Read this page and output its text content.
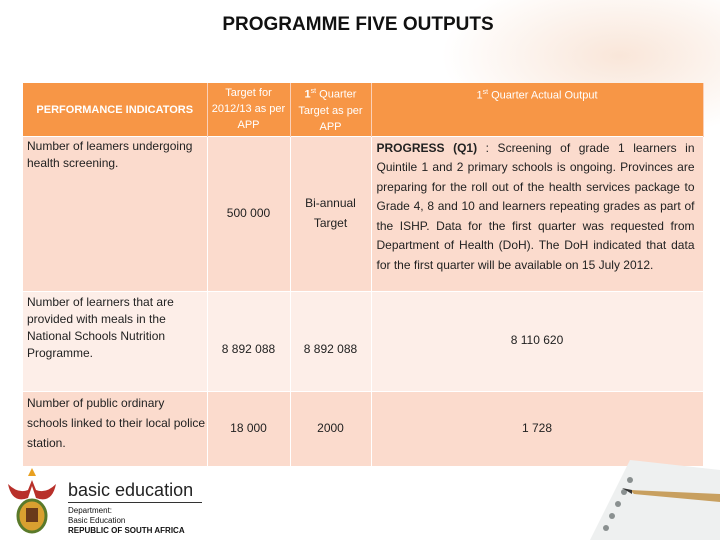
PROGRAMME FIVE OUTPUTS
PERFORMANCE INDICATORS	Target for 2012/13 as per APP	1st Quarter Target as per APP	1st Quarter Actual Output
Number of leamers undergoing health screening.	500 000	Bi-annual Target	PROGRESS (Q1) : Screening of grade 1 learners in Quintile 1 and 2 primary schools is ongoing. Provinces are preparing for the roll out of the health services package to Grade 4, 8 and 10 and learners repeating grades as part of the ISHP. Data for the first quarter was requested from Department of Health (DoH). The DoH indicated that data for the first quarter will be available on 15 July 2012.
Number of learners that are provided with meals in the National Schools Nutrition Programme.	8 892 088	8 892 088	8 110 620
Number of public ordinary schools linked to their local police station.	18 000	2000	1 728
basic education
Department:
Basic Education
REPUBLIC OF SOUTH AFRICA
